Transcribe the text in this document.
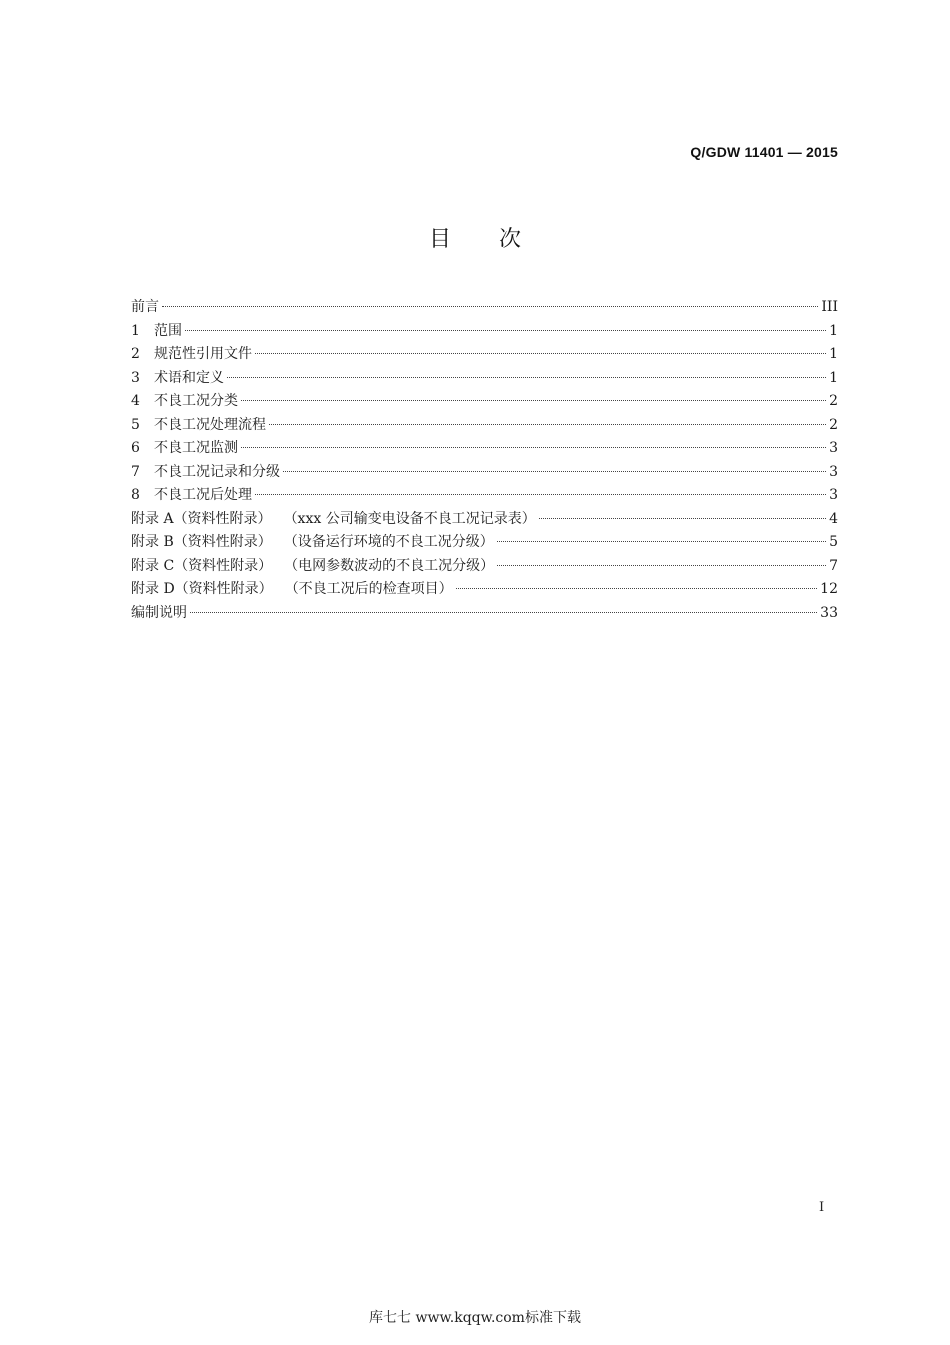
Q/GDW 11401 — 2015
目次
前言	III
1	范围	1
2	规范性引用文件	1
3	术语和定义	1
4	不良工况分类	2
5	不良工况处理流程	2
6	不良工况监测	3
7	不良工况记录和分级	3
8	不良工况后处理	3
附录 A（资料性附录） （xxx 公司输变电设备不良工况记录表）	4
附录 B（资料性附录） （设备运行环境的不良工况分级）	5
附录 C（资料性附录） （电网参数波动的不良工况分级）	7
附录 D（资料性附录） （不良工况后的检查项目）	12
编制说明	33
I
库七七 www.kqqw.com标准下载
